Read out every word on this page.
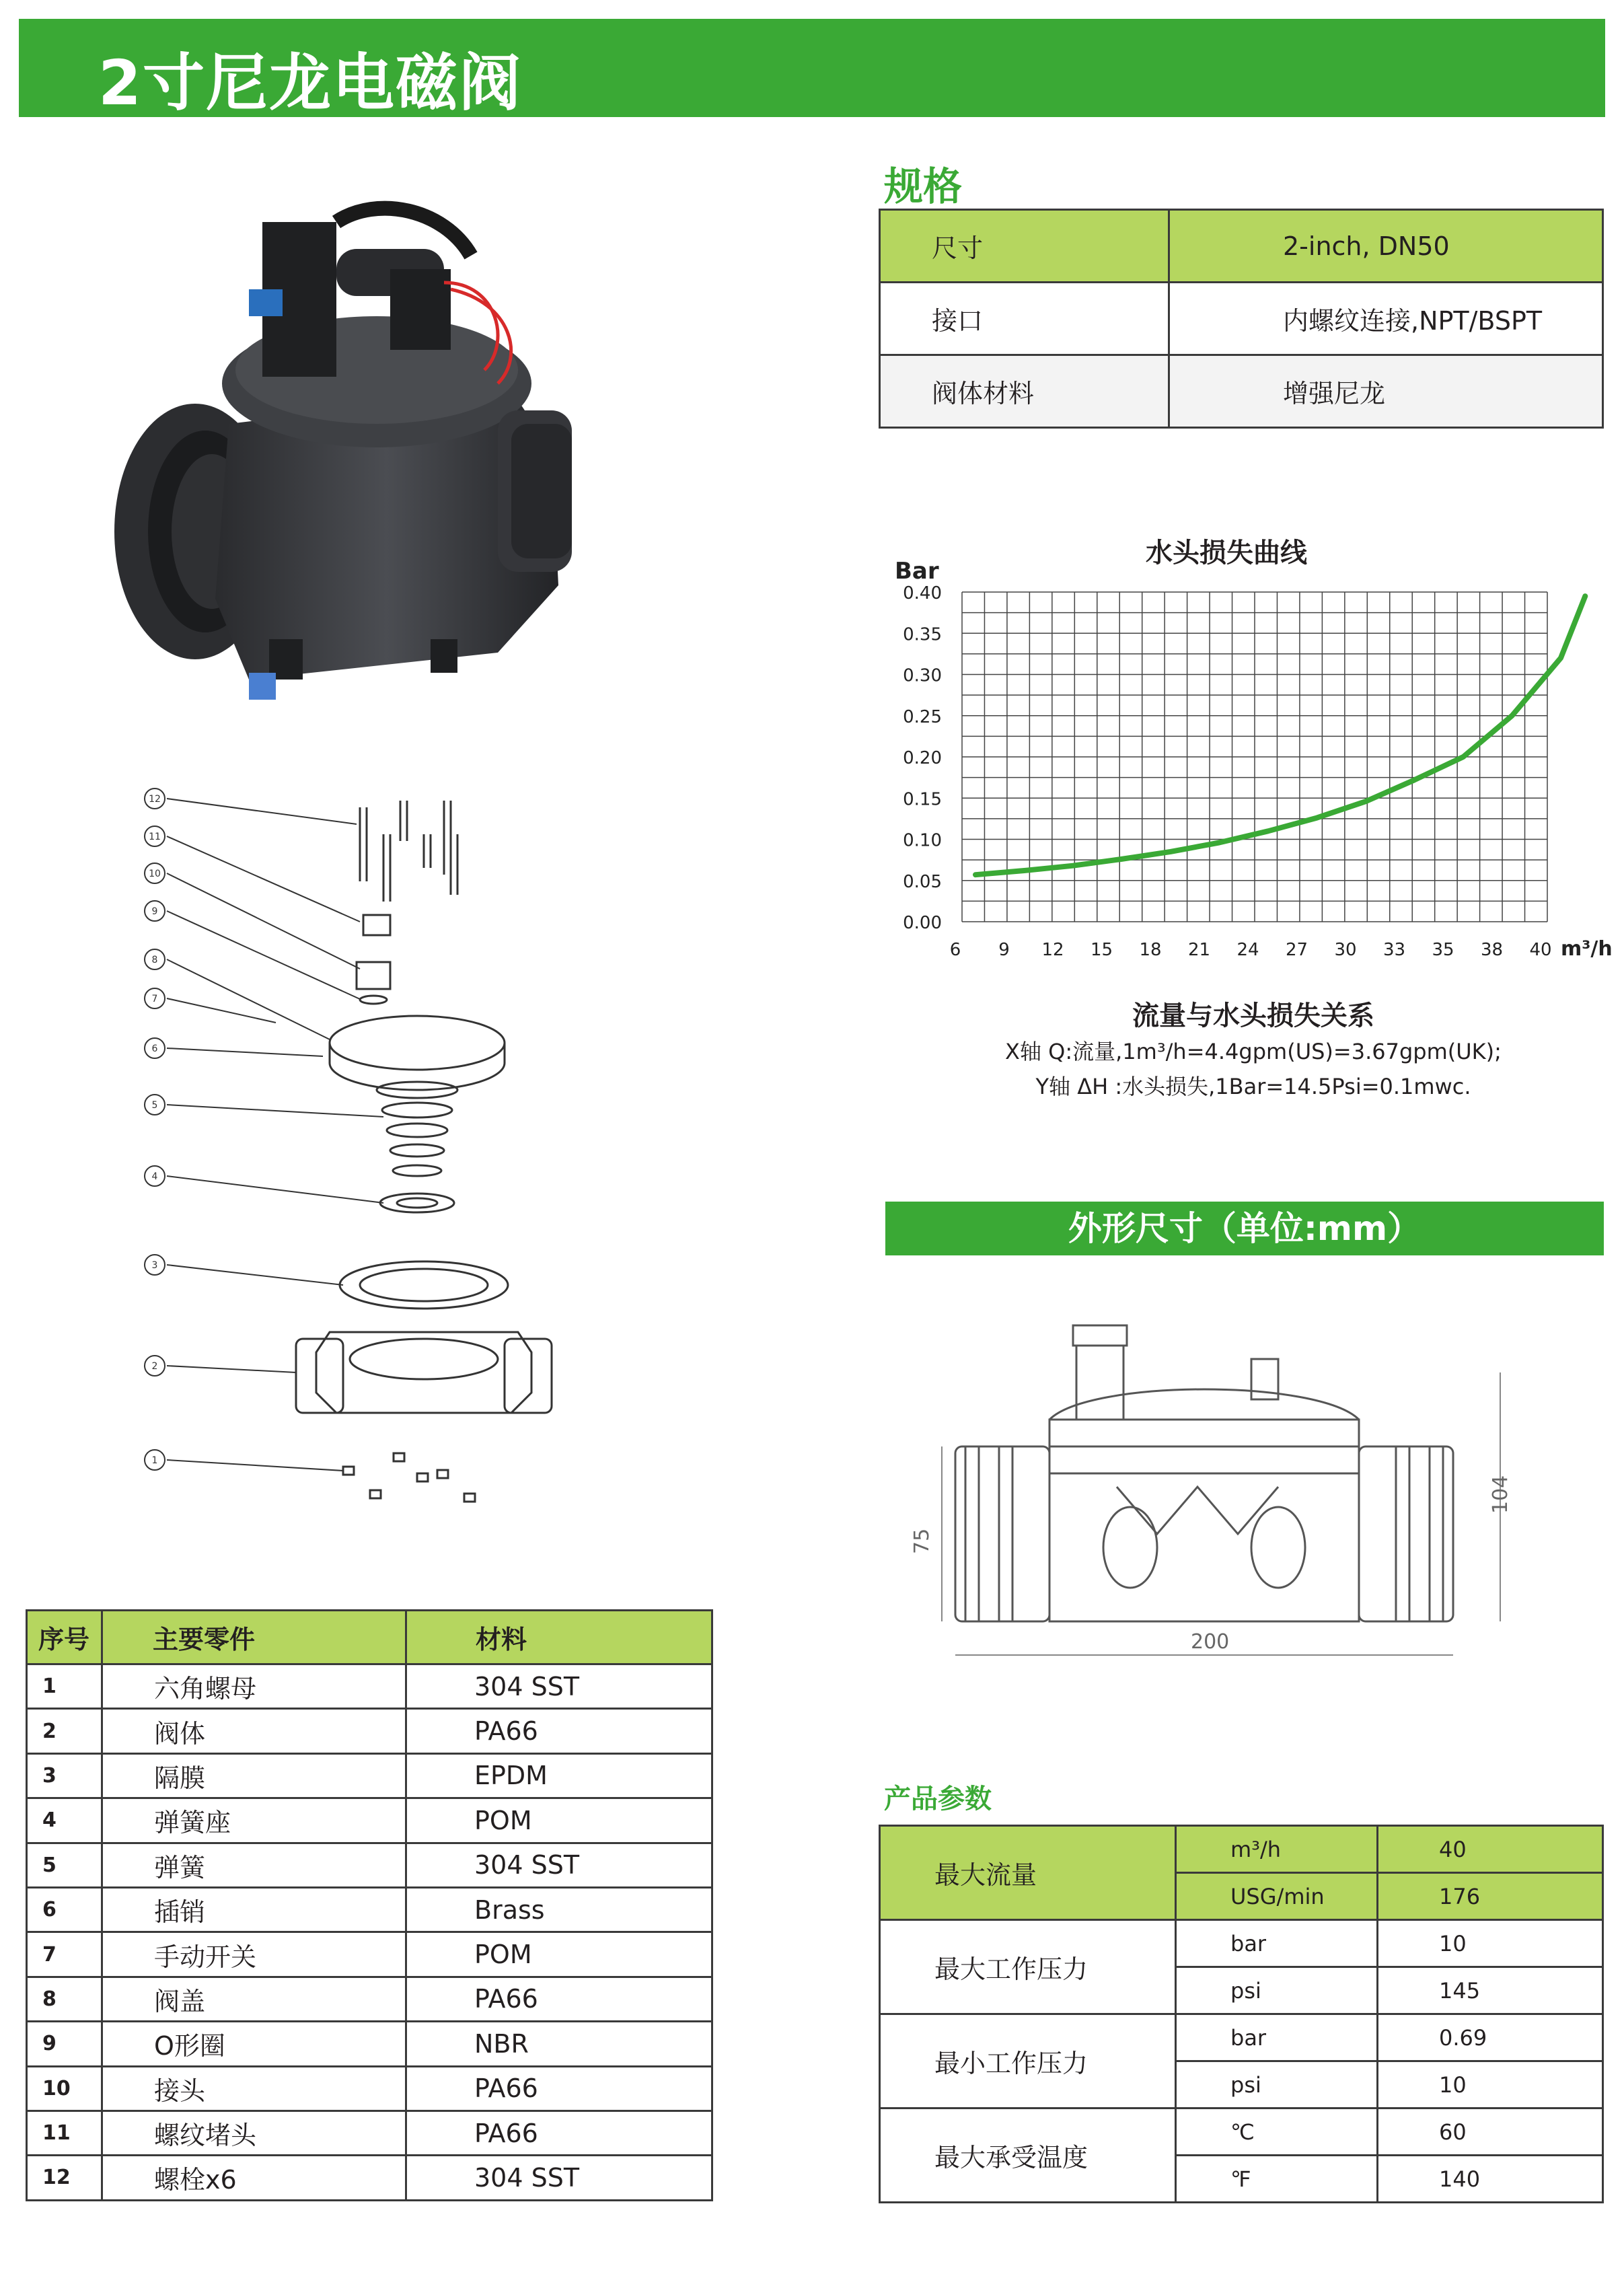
2寸尼龙电磁阀
12
11
10
9
8
7
6
5
4
3
2
1
规格
尺寸	2-inch, DN50
接口	内螺纹连接,NPT/BSPT
阀体材料	增强尼龙
水头损失曲线
0.40
0.35
0.30
0.25
0.20
0.15
0.10
0.05
0.00
6 9 12 15 18 21 24 27 30 33 35 38 40
Bar
m³/h
流量与水头损失关系
X轴 Q:流量,1m³/h=4.4gpm(US)=3.67gpm(UK);
Y轴 ΔH :水头损失,1Bar=14.5Psi=0.1mwc.
外形尺寸（单位:mm）
75
104
200
产品参数
最大流量	m³/h	40
	USG/min	176
最大工作压力	bar	10
	psi	145
最小工作压力	bar	0.69
	psi	10
最大承受温度	℃	60
	℉	140
序号	主要零件	材料
1	六角螺母	304 SST
2	阀体	PA66
3	隔膜	EPDM
4	弹簧座	POM
5	弹簧	304 SST
6	插销	Brass
7	手动开关	POM
8	阀盖	PA66
9	O形圈	NBR
10	接头	PA66
11	螺纹堵头	PA66
12	螺栓x6	304 SST
